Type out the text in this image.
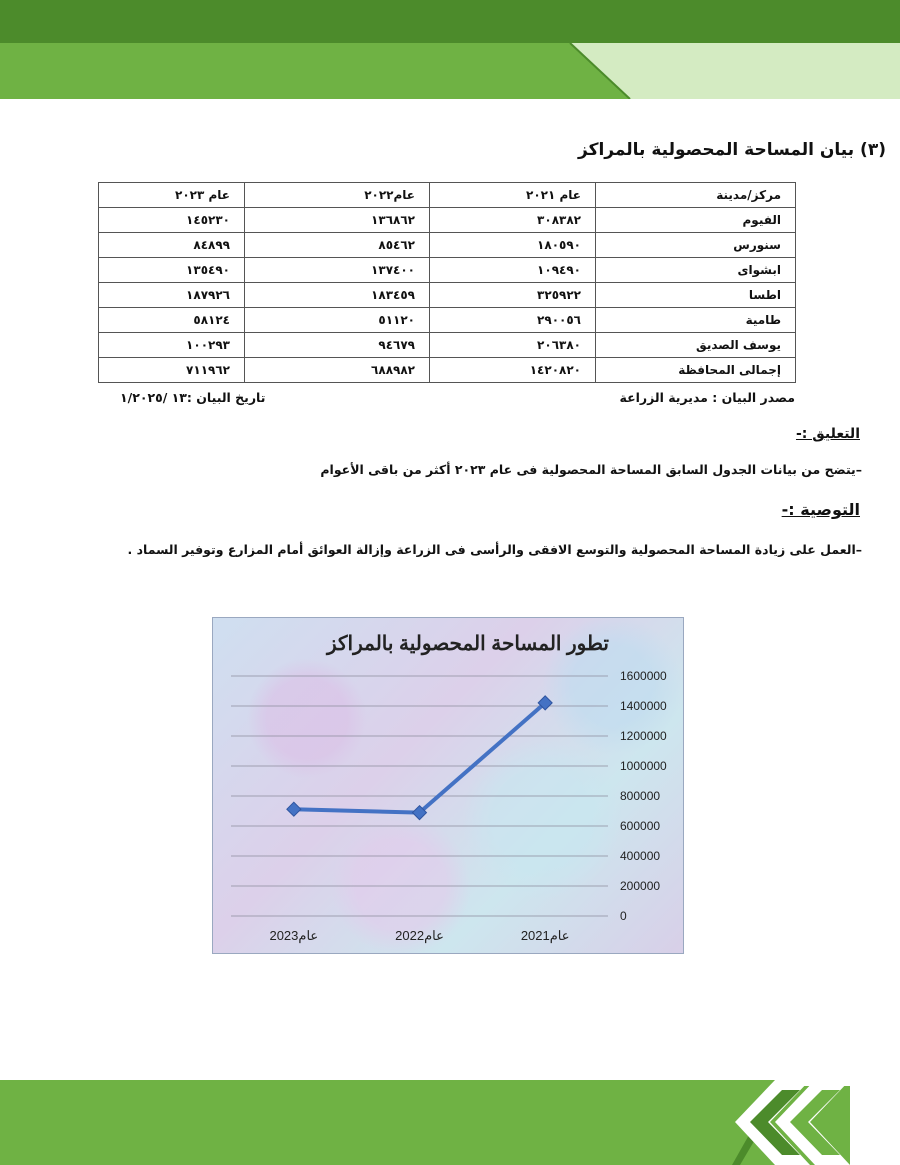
(٣) بيان المساحة المحصولية بالمراكز
مركز/مدينة	عام ٢٠٢١	عام٢٠٢٢	عام ٢٠٢٣
الفيوم	٣٠٨٣٨٢	١٣٦٨٦٢	١٤٥٢٣٠
سنورس	١٨٠٥٩٠	٨٥٤٦٢	٨٤٨٩٩
ابشواى	١٠٩٤٩٠	١٣٧٤٠٠	١٣٥٤٩٠
اطسا	٣٢٥٩٢٢	١٨٣٤٥٩	١٨٧٩٢٦
طامية	٢٩٠٠٥٦	٥١١٢٠	٥٨١٢٤
يوسف الصديق	٢٠٦٣٨٠	٩٤٦٧٩	١٠٠٢٩٣
إجمالى المحافظة	١٤٢٠٨٢٠	٦٨٨٩٨٢	٧١١٩٦٢
مصدر البيان : مديرية الزراعة
تاريخ البيان :١٣ /١/٢٠٢٥
التعليق :-
–يتضح من بيانات الجدول السابق المساحة المحصولية فى عام ٢٠٢٣ أكثر من باقى الأعوام
التوصية :-
–العمل على زيادة المساحة المحصولية والتوسع الافقى والرأسى فى الزراعة وإزالة العوائق أمام المزارع وتوفير السماد .
تطور المساحة المحصولية بالمراكز
0
200000
400000
600000
800000
1000000
1200000
1400000
1600000
عام2021
عام2022
عام2023
